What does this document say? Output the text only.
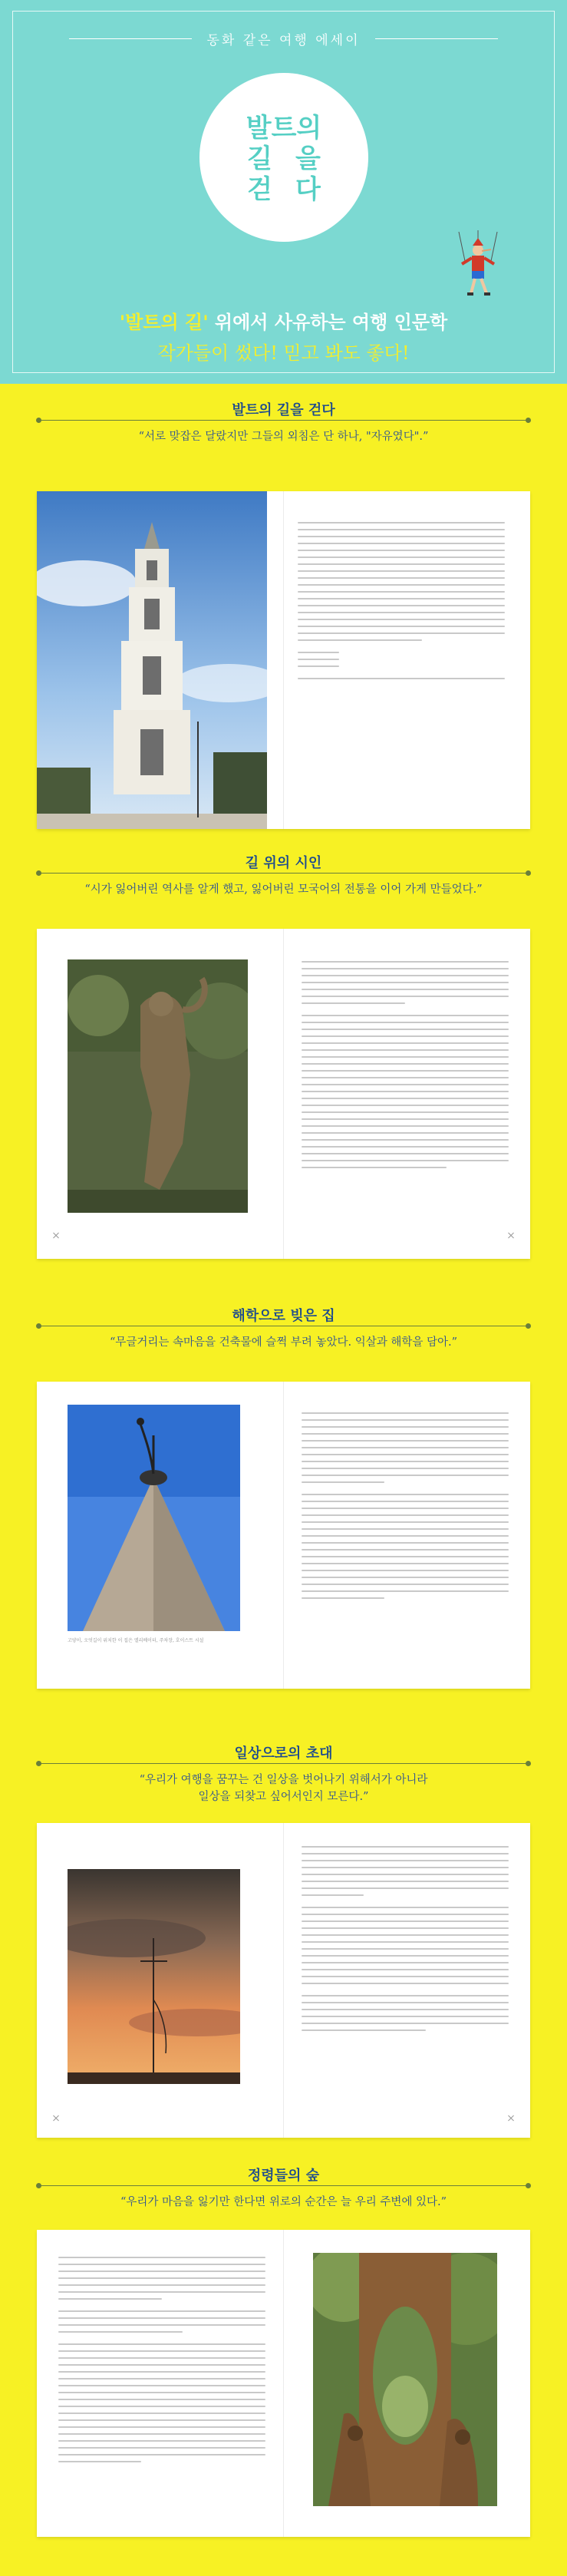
동화 같은 여행 에세이
발 트 의
길 을
걷 다
'발트의 길' 위에서 사유하는 여행 인문학
작가들이 썼다! 믿고 봐도 좋다!
발트의 길을 걷다
“서로 맞잡은 달랐지만 그들의 외침은 단 하나, "자유였다".”
길 위의 시인
“시가 잃어버린 역사를 알게 했고, 잃어버린 모국어의 전통을 이어 가게 만들었다.”
해학으로 빚은 집
“무글거리는 속마음을 건축물에 슬쩍 부려 놓았다. 익살과 해학을 담아.”
고양이, 오엇길이 위치한 이 집은 엘리베이터, 주차장, 호이스트 시설
일상으로의 초대
“우리가 여행을 꿈꾸는 건 일상을 벗어나기 위해서가 아니라
일상을 되찾고 싶어서인지 모른다.”
정령들의 숲
“우리가 마음을 잃기만 한다면 위로의 순간은 늘 우리 주변에 있다.”
